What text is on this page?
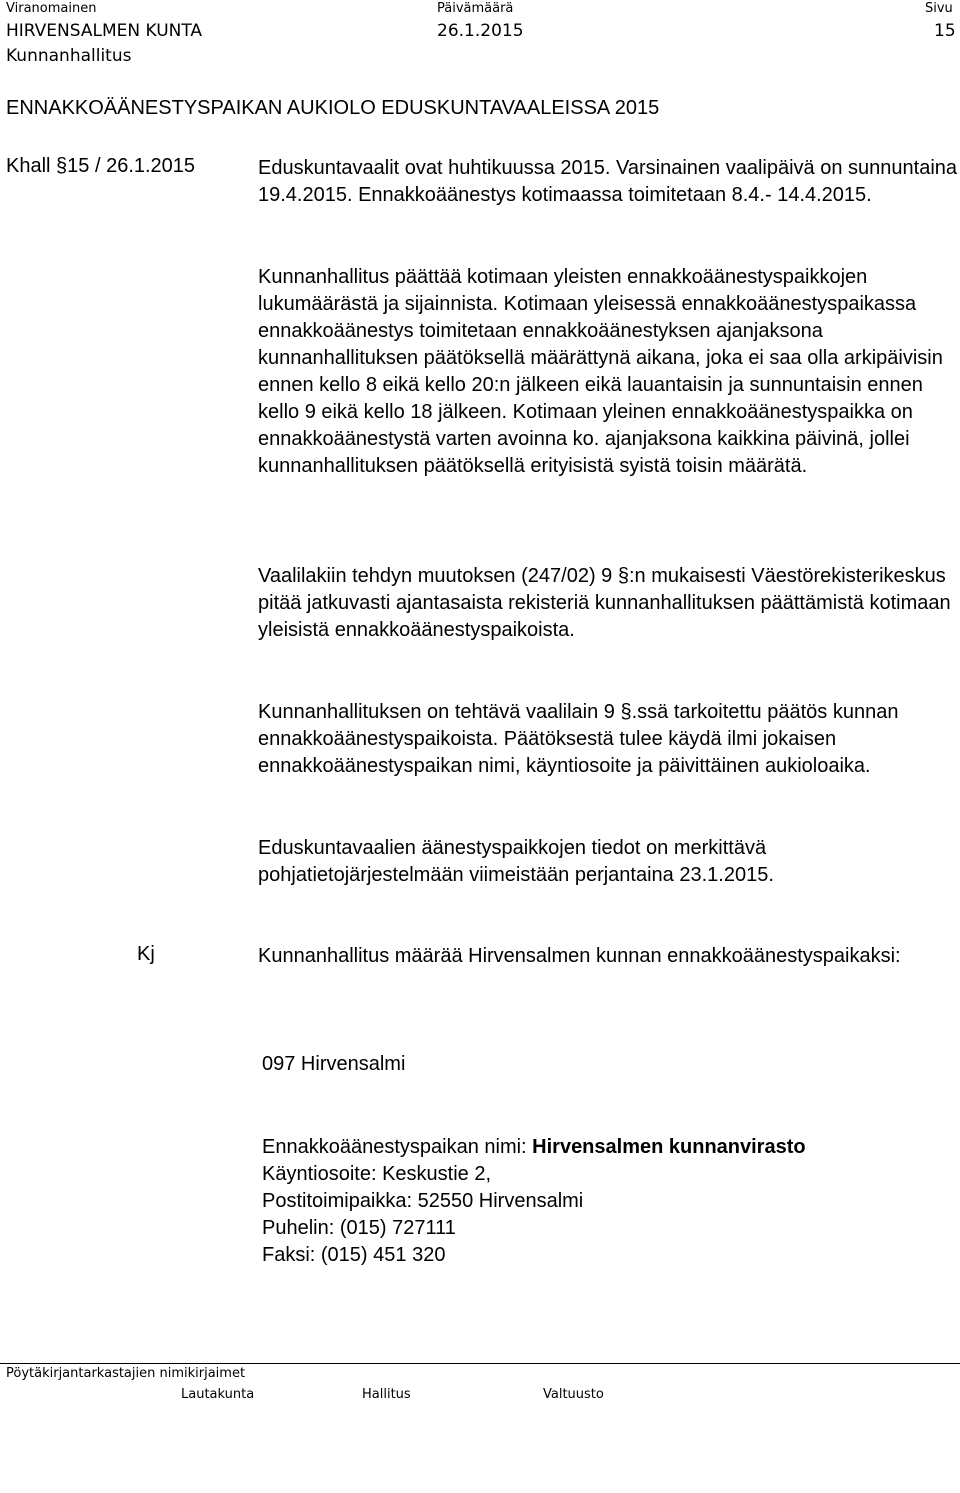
Viranomainen
HIRVENSALMEN KUNTA
Kunnanhallitus
Päivämäärä
26.1.2015
Sivu
15
ENNAKKOÄÄNESTYSPAIKAN AUKIOLO EDUSKUNTAVAALEISSA 2015
Khall §15 / 26.1.2015	Eduskuntavaalit ovat huhtikuussa 2015. Varsinainen vaalipäivä on sunnuntaina 19.4.2015. Ennakkoäänestys kotimaassa toimitetaan 8.4.- 14.4.2015.

Kunnanhallitus päättää kotimaan yleisten ennakkoäänestyspaikkojen lukumäärästä ja sijainnista. Kotimaan yleisessä ennakkoäänestyspaikassa ennakkoäänestys toimitetaan ennakkoäänestyksen ajanjaksona kunnanhallituksen päätöksellä määrättynä aikana, joka ei saa olla arkipäivisin ennen kello 8 eikä kello 20:n jälkeen eikä lauantaisin ja sunnuntaisin ennen kello 9 eikä kello 18 jälkeen. Kotimaan yleinen ennakkoäänestyspaikka on ennakkoäänestystä varten avoinna ko. ajanjaksona kaikkina päivinä, jollei kunnanhallituksen päätöksellä erityisistä syistä toisin määrätä.

Vaalilakiin tehdyn muutoksen (247/02) 9 §:n mukaisesti Väestörekisterikeskus pitää jatkuvasti ajantasaista rekisteriä kunnanhallituksen päättämistä kotimaan yleisistä ennakkoäänestyspaikoista.

Kunnanhallituksen on tehtävä vaalilain 9 §.ssä tarkoitettu päätös kunnan ennakkoäänestyspaikoista. Päätöksestä tulee käydä ilmi jokaisen ennakkoäänestyspaikan nimi, käyntiosoite ja päivittäinen aukioloaika.

Eduskuntavaalien äänestyspaikkojen tiedot on merkittävä pohjatietojärjestelmään viimeistään perjantaina 23.1.2015.

Kj	Kunnanhallitus määrää Hirvensalmen kunnan ennakkoäänestyspaikaksi:

097 Hirvensalmi
Ennakkoäänestyspaikan nimi: Hirvensalmen kunnanvirasto
Käyntiosoite: Keskustie 2,
Postitoimipaikka: 52550 Hirvensalmi
Puhelin: (015) 727111
Faksi: (015) 451 320
Pöytäkirjantarkastajien nimikirjaimet
Lautakunta	Hallitus	Valtuusto
